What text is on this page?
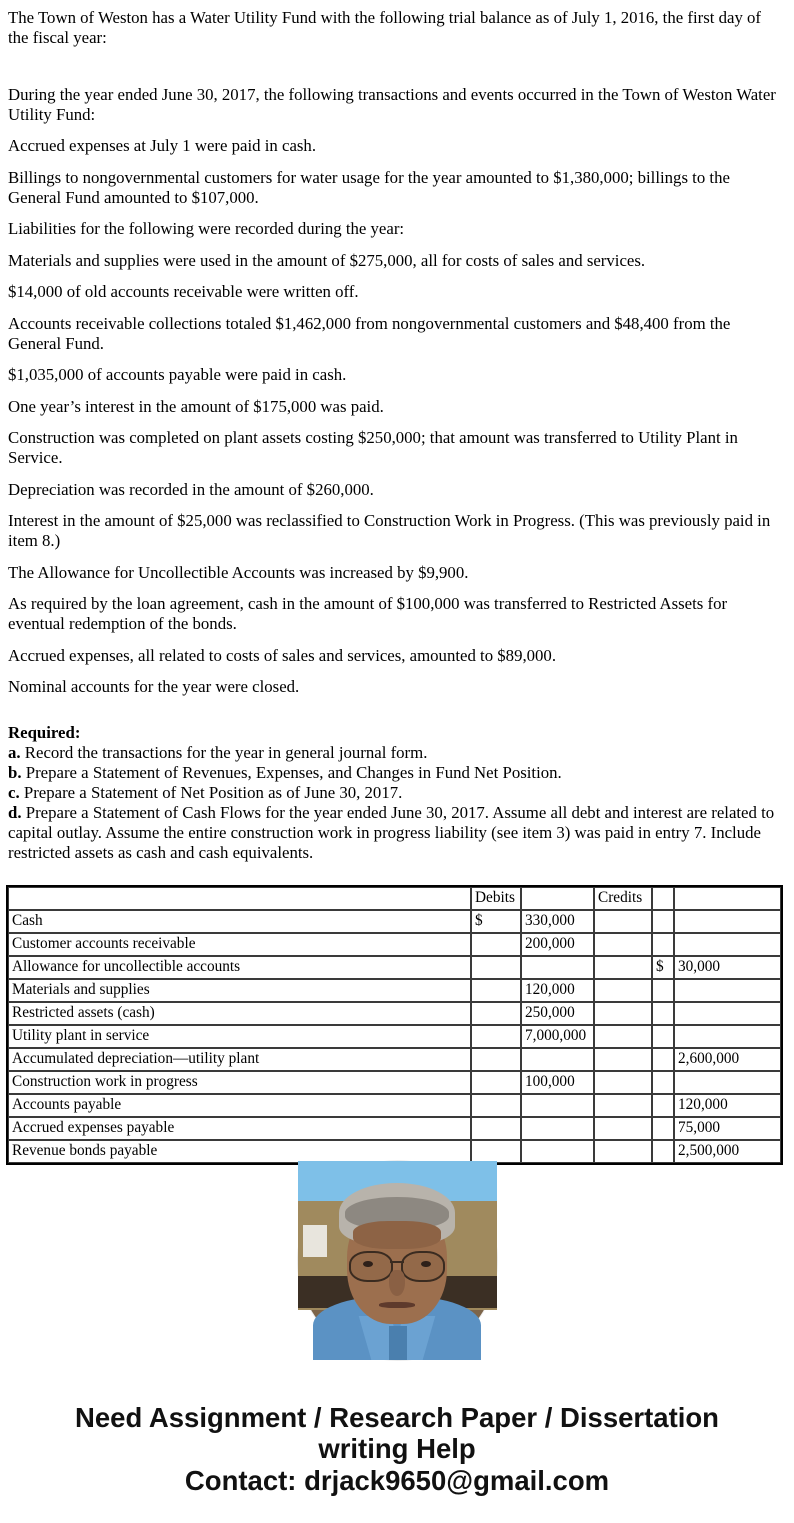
The Town of Weston has a Water Utility Fund with the following trial balance as of July 1, 2016, the first day of the fiscal year:

During the year ended June 30, 2017, the following transactions and events occurred in the Town of Weston Water Utility Fund:

Accrued expenses at July 1 were paid in cash.

Billings to nongovernmental customers for water usage for the year amounted to $1,380,000; billings to the General Fund amounted to $107,000.

Liabilities for the following were recorded during the year:

Materials and supplies were used in the amount of $275,000, all for costs of sales and services.

$14,000 of old accounts receivable were written off.

Accounts receivable collections totaled $1,462,000 from nongovernmental customers and $48,400 from the General Fund.

$1,035,000 of accounts payable were paid in cash.

One year’s interest in the amount of $175,000 was paid.

Construction was completed on plant assets costing $250,000; that amount was transferred to Utility Plant in Service.

Depreciation was recorded in the amount of $260,000.

Interest in the amount of $25,000 was reclassified to Construction Work in Progress. (This was previously paid in item 8.)

The Allowance for Uncollectible Accounts was increased by $9,900.

As required by the loan agreement, cash in the amount of $100,000 was transferred to Restricted Assets for eventual redemption of the bonds.

Accrued expenses, all related to costs of sales and services, amounted to $89,000.

Nominal accounts for the year were closed.

Required:

a. Record the transactions for the year in general journal form.

b. Prepare a Statement of Revenues, Expenses, and Changes in Fund Net Position.

c. Prepare a Statement of Net Position as of June 30, 2017.

d. Prepare a Statement of Cash Flows for the year ended June 30, 2017. Assume all debt and interest are related to capital outlay. Assume the entire construction work in progress liability (see item 3) was paid in entry 7. Include restricted assets as cash and cash equivalents.

	Debits		Credits			
Cash	$	330,000				
Customer accounts receivable		200,000				
Allowance for uncollectible accounts				$	30,000	
Materials and supplies		120,000				
Restricted assets (cash)		250,000				
Utility plant in service		7,000,000				
Accumulated depreciation—utility plant					2,600,000	
Construction work in progress		100,000				
Accounts payable					120,000	
Accrued expenses payable					75,000	
Revenue bonds payable					2,500,000	
Need Assignment / Research Paper / Dissertation
writing Help
Contact: drjack9650@gmail.com
